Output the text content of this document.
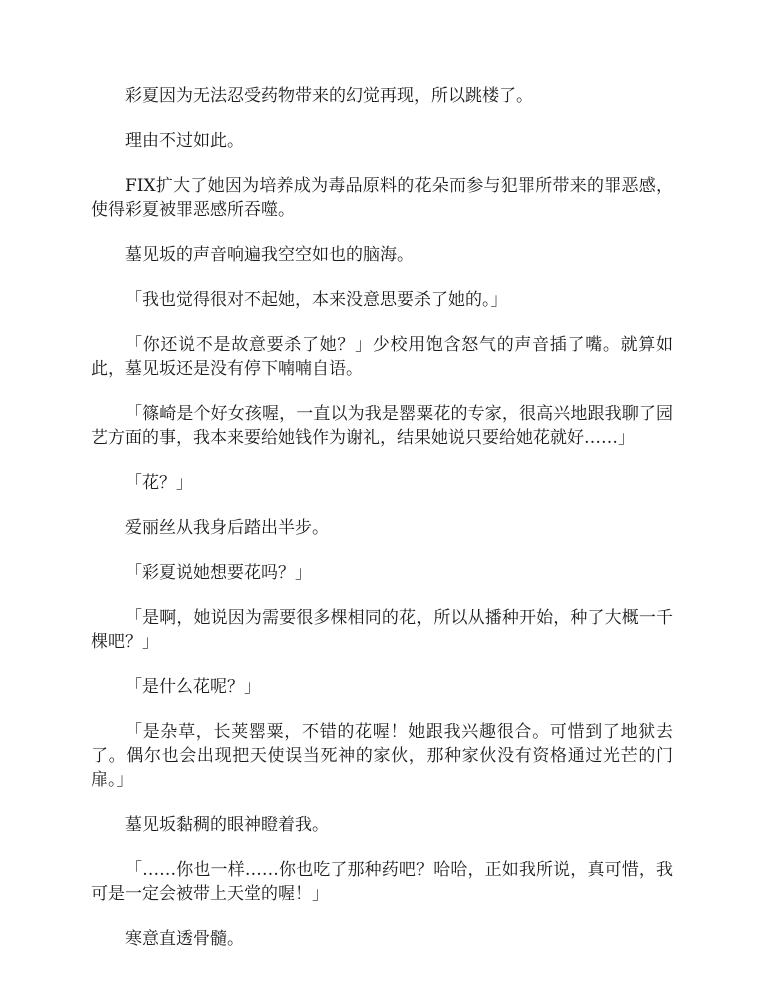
彩夏因为无法忍受药物带来的幻觉再现，所以跳楼了。

理由不过如此。

FIX扩大了她因为培养成为毒品原料的花朵而参与犯罪所带来的罪恶感，使得彩夏被罪恶感所吞噬。

墓见坂的声音响遍我空空如也的脑海。

「我也觉得很对不起她，本来没意思要杀了她的。」

「你还说不是故意要杀了她？」少校用饱含怒气的声音插了嘴。就算如此，墓见坂还是没有停下喃喃自语。

「篠崎是个好女孩喔，一直以为我是罂粟花的专家，很高兴地跟我聊了园艺方面的事，我本来要给她钱作为谢礼，结果她说只要给她花就好……」

「花？」

爱丽丝从我身后踏出半步。

「彩夏说她想要花吗？」

「是啊，她说因为需要很多棵相同的花，所以从播种开始，种了大概一千棵吧？」

「是什么花呢？」

「是杂草，长荚罂粟，不错的花喔！她跟我兴趣很合。可惜到了地狱去了。偶尔也会出现把天使误当死神的家伙，那种家伙没有资格通过光芒的门扉。」

墓见坂黏稠的眼神瞪着我。

「……你也一样……你也吃了那种药吧？哈哈，正如我所说，真可惜，我可是一定会被带上天堂的喔！」

寒意直透骨髓。
